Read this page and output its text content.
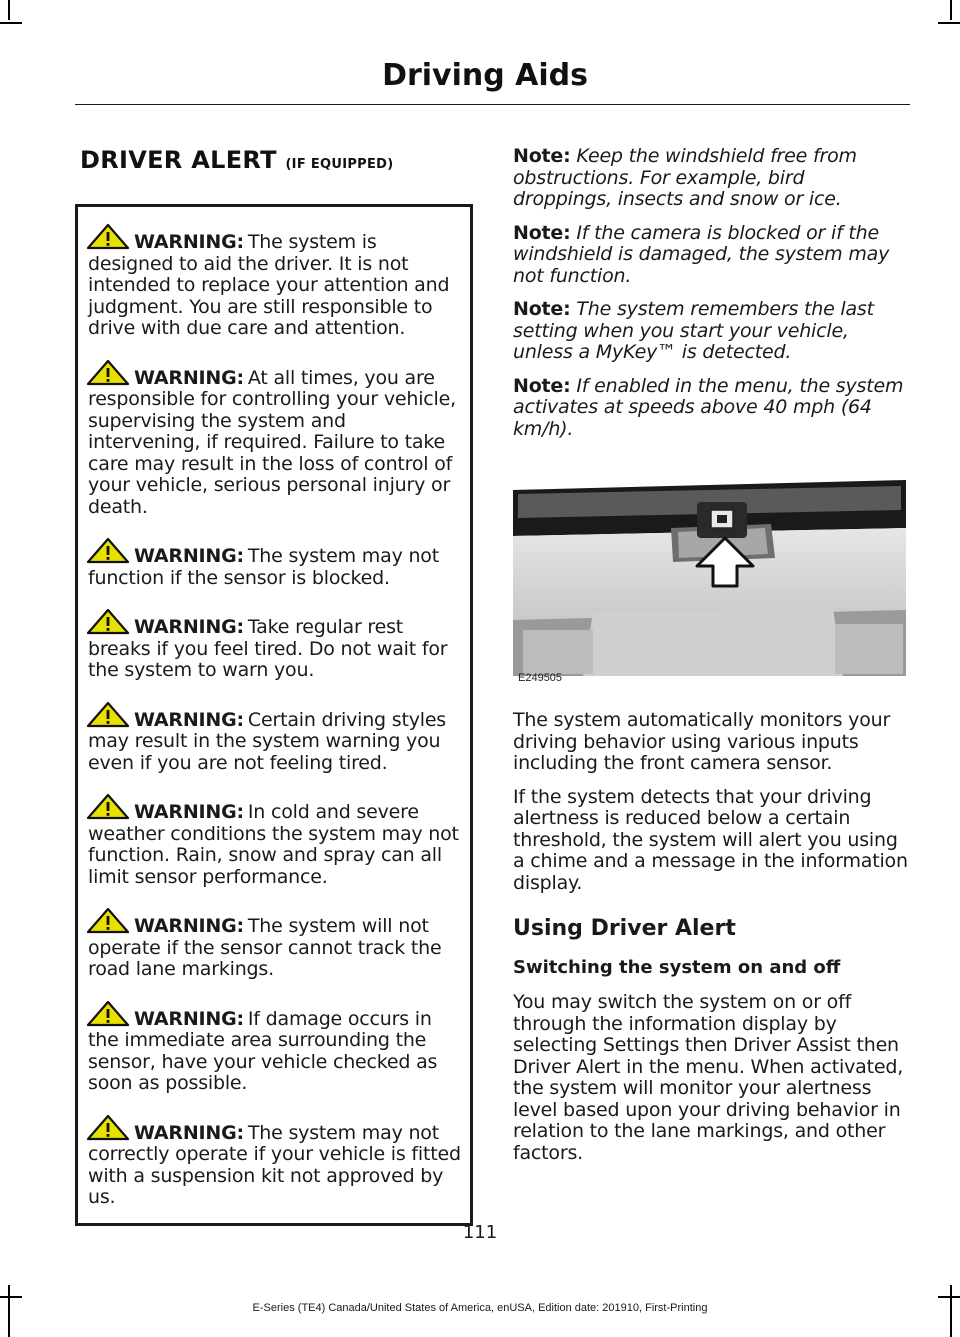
Driving Aids
DRIVER ALERT (IF EQUIPPED)

WARNING: The system is designed to aid the driver. It is not intended to replace your attention and judgment. You are still responsible to drive with due care and attention.

WARNING: At all times, you are responsible for controlling your vehicle, supervising the system and intervening, if required. Failure to take care may result in the loss of control of your vehicle, serious personal injury or death.

WARNING: The system may not function if the sensor is blocked.

WARNING: Take regular rest breaks if you feel tired. Do not wait for the system to warn you.

WARNING: Certain driving styles may result in the system warning you even if you are not feeling tired.

WARNING: In cold and severe weather conditions the system may not function. Rain, snow and spray can all limit sensor performance.

WARNING: The system will not operate if the sensor cannot track the road lane markings.

WARNING: If damage occurs in the immediate area surrounding the sensor, have your vehicle checked as soon as possible.

WARNING: The system may not correctly operate if your vehicle is fitted with a suspension kit not approved by us.

Note: Keep the windshield free from obstructions. For example, bird droppings, insects and snow or ice.

Note: If the camera is blocked or if the windshield is damaged, the system may not function.

Note: The system remembers the last setting when you start your vehicle, unless a MyKey™ is detected.

Note: If enabled in the menu, the system activates at speeds above 40 mph (64 km/h).

E249505

The system automatically monitors your driving behavior using various inputs including the front camera sensor.

If the system detects that your driving alertness is reduced below a certain threshold, the system will alert you using a chime and a message in the information display.

Using Driver Alert
Switching the system on and off

You may switch the system on or off through the information display by selecting Settings then Driver Assist then Driver Alert in the menu. When activated, the system will monitor your alertness level based upon your driving behavior in relation to the lane markings, and other factors.

111
E-Series (TE4) Canada/United States of America, enUSA, Edition date: 201910, First-Printing
